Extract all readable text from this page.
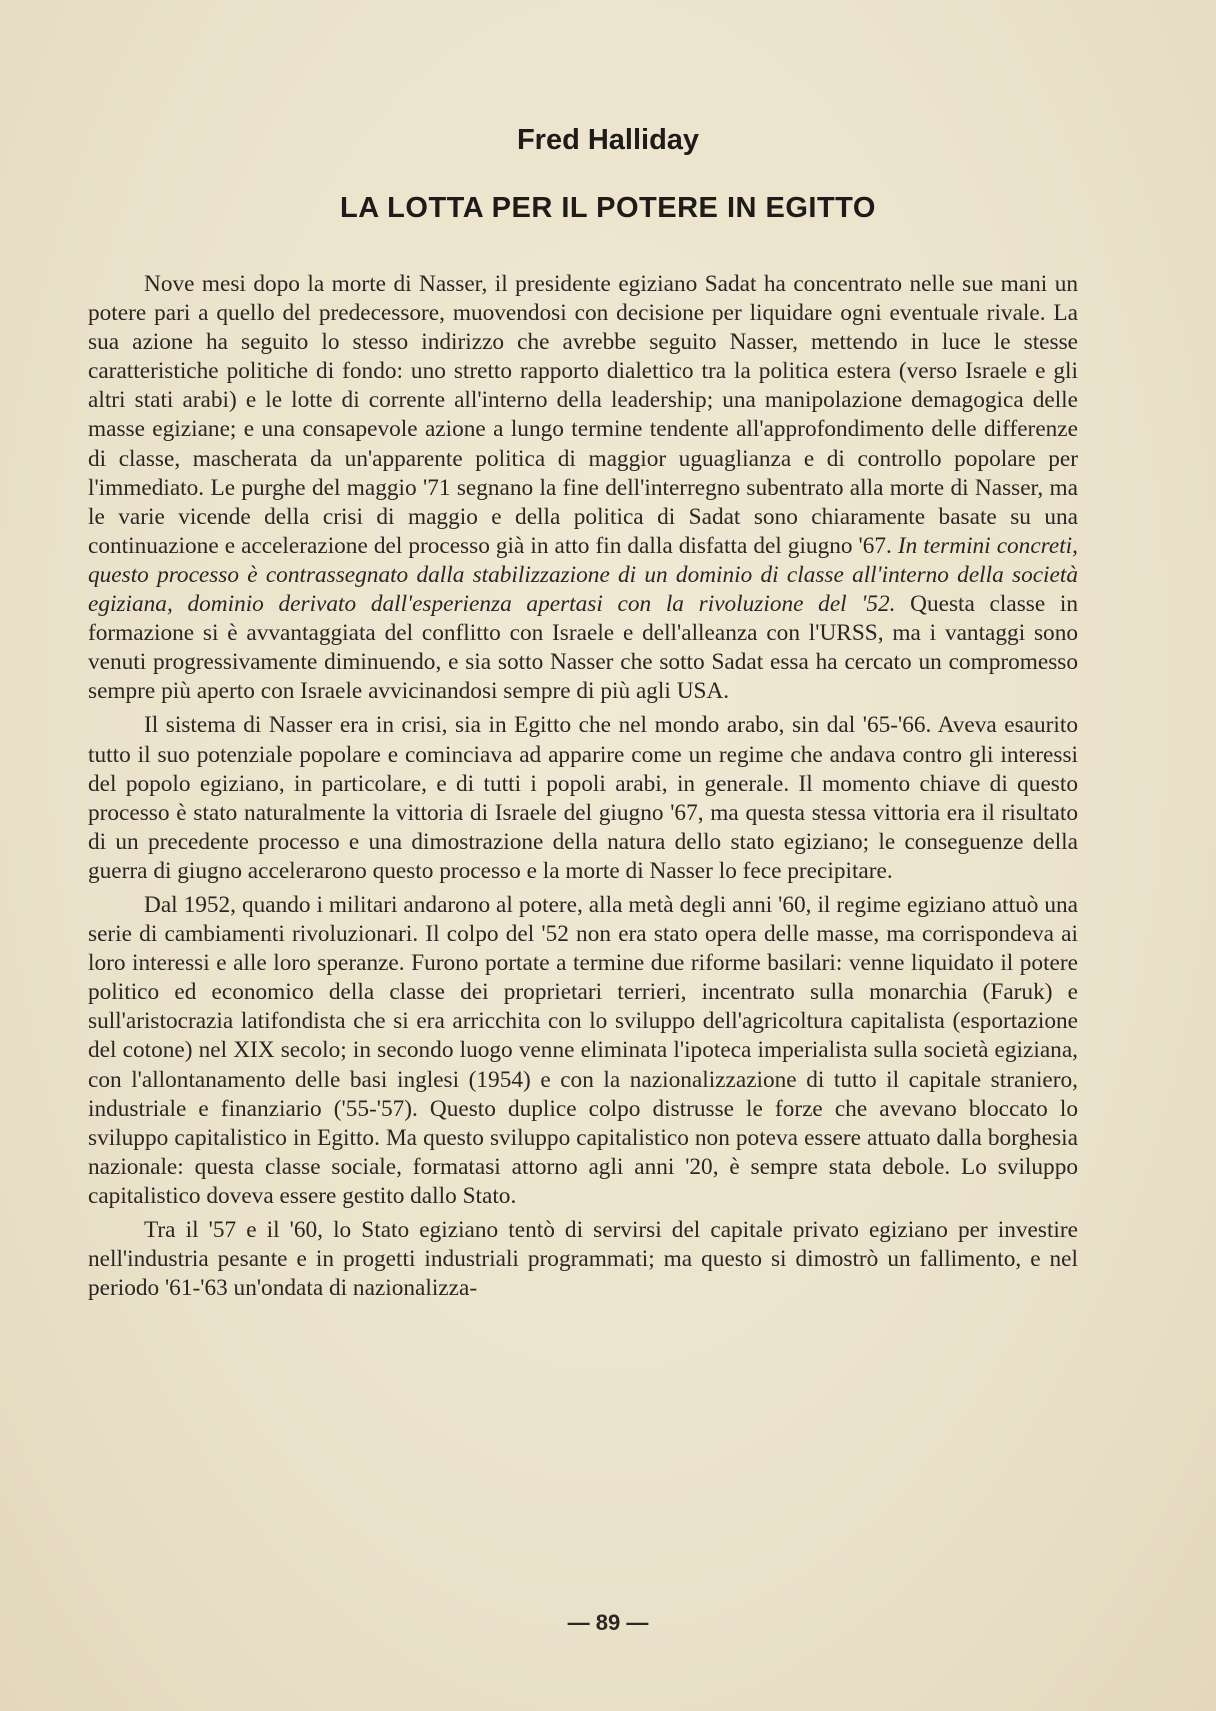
Fred Halliday
LA LOTTA PER IL POTERE IN EGITTO

Nove mesi dopo la morte di Nasser, il presidente egiziano Sadat ha concentrato nelle sue mani un potere pari a quello del predecessore, muovendosi con decisione per liquidare ogni eventuale rivale. La sua azione ha seguito lo stesso indirizzo che avrebbe seguito Nasser, mettendo in luce le stesse caratteristiche politiche di fondo: uno stretto rapporto dialettico tra la politica estera (verso Israele e gli altri stati arabi) e le lotte di corrente all'interno della leadership; una manipolazione demagogica delle masse egiziane; e una consapevole azione a lungo termine tendente all'approfondimento delle differenze di classe, mascherata da un'apparente politica di maggior uguaglianza e di controllo popolare per l'immediato. Le purghe del maggio '71 segnano la fine dell'interregno subentrato alla morte di Nasser, ma le varie vicende della crisi di maggio e della politica di Sadat sono chiaramente basate su una continuazione e accelerazione del processo già in atto fin dalla disfatta del giugno '67. In termini concreti, questo processo è contrassegnato dalla stabilizzazione di un dominio di classe all'interno della società egiziana, dominio derivato dall'esperienza apertasi con la rivoluzione del '52. Questa classe in formazione si è avvantaggiata del conflitto con Israele e dell'alleanza con l'URSS, ma i vantaggi sono venuti progressivamente diminuendo, e sia sotto Nasser che sotto Sadat essa ha cercato un compromesso sempre più aperto con Israele avvicinandosi sempre di più agli USA.

Il sistema di Nasser era in crisi, sia in Egitto che nel mondo arabo, sin dal '65-'66. Aveva esaurito tutto il suo potenziale popolare e cominciava ad apparire come un regime che andava contro gli interessi del popolo egiziano, in particolare, e di tutti i popoli arabi, in generale. Il momento chiave di questo processo è stato naturalmente la vittoria di Israele del giugno '67, ma questa stessa vittoria era il risultato di un precedente processo e una dimostrazione della natura dello stato egiziano; le conseguenze della guerra di giugno accelerarono questo processo e la morte di Nasser lo fece precipitare.

Dal 1952, quando i militari andarono al potere, alla metà degli anni '60, il regime egiziano attuò una serie di cambiamenti rivoluzionari. Il colpo del '52 non era stato opera delle masse, ma corrispondeva ai loro interessi e alle loro speranze. Furono portate a termine due riforme basilari: venne liquidato il potere politico ed economico della classe dei proprietari terrieri, incentrato sulla monarchia (Faruk) e sull'aristocrazia latifondista che si era arricchita con lo sviluppo dell'agricoltura capitalista (esportazione del cotone) nel XIX secolo; in secondo luogo venne eliminata l'ipoteca imperialista sulla società egiziana, con l'allontanamento delle basi inglesi (1954) e con la nazionalizzazione di tutto il capitale straniero, industriale e finanziario ('55-'57). Questo duplice colpo distrusse le forze che avevano bloccato lo sviluppo capitalistico in Egitto. Ma questo sviluppo capitalistico non poteva essere attuato dalla borghesia nazionale: questa classe sociale, formatasi attorno agli anni '20, è sempre stata debole. Lo sviluppo capitalistico doveva essere gestito dallo Stato.

Tra il '57 e il '60, lo Stato egiziano tentò di servirsi del capitale privato egiziano per investire nell'industria pesante e in progetti industriali programmati; ma questo si dimostrò un fallimento, e nel periodo '61-'63 un'ondata di nazionalizza-

— 89 —
